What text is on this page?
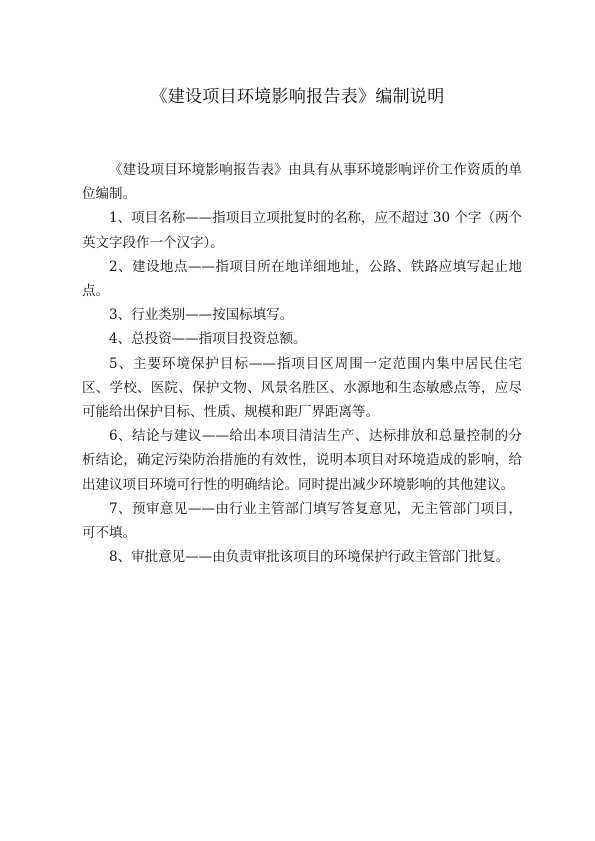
《建设项目环境影响报告表》编制说明

《建设项目环境影响报告表》由具有从事环境影响评价工作资质的单位编制。

1、项目名称——指项目立项批复时的名称，应不超过 30 个字（两个英文字段作一个汉字）。

2、建设地点——指项目所在地详细地址，公路、铁路应填写起止地点。

3、行业类别——按国标填写。

4、总投资——指项目投资总额。

5、主要环境保护目标——指项目区周围一定范围内集中居民住宅区、学校、医院、保护文物、风景名胜区、水源地和生态敏感点等，应尽可能给出保护目标、性质、规模和距厂界距离等。

6、结论与建议——给出本项目清洁生产、达标排放和总量控制的分析结论，确定污染防治措施的有效性，说明本项目对环境造成的影响，给出建议项目环境可行性的明确结论。同时提出减少环境影响的其他建议。

7、预审意见——由行业主管部门填写答复意见，无主管部门项目，可不填。

8、审批意见——由负责审批该项目的环境保护行政主管部门批复。
